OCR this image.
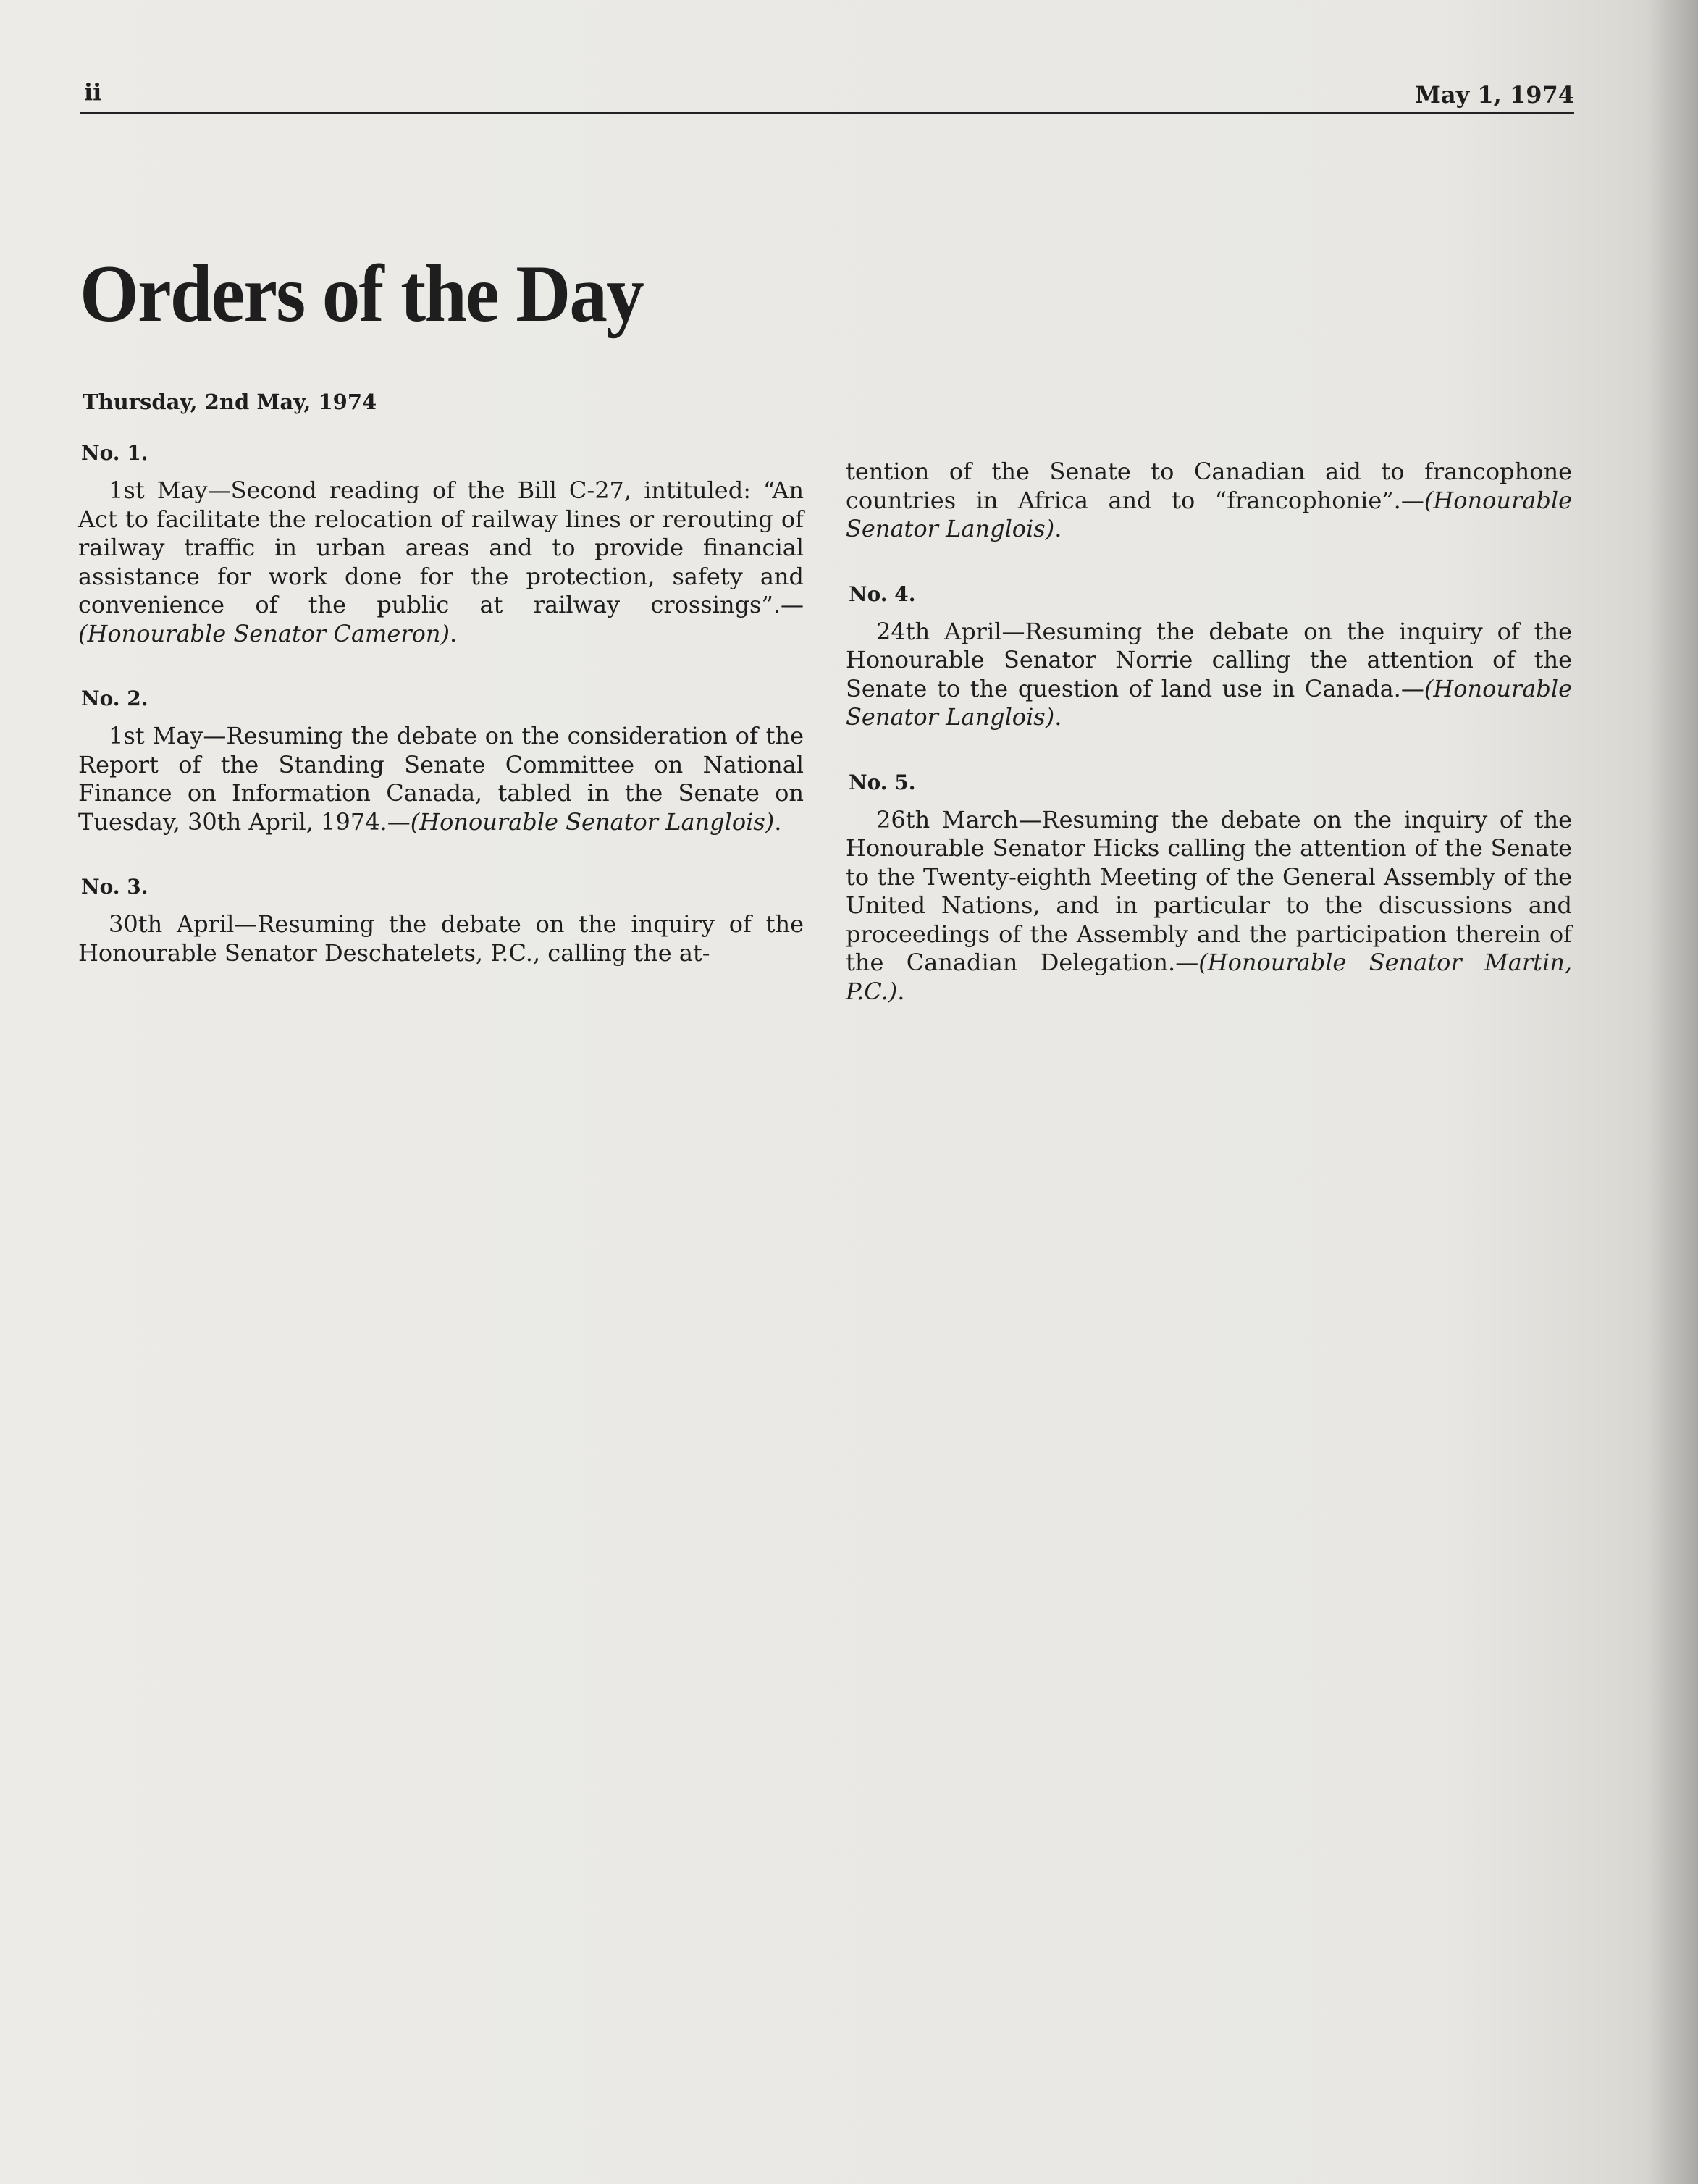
ii	May 1, 1974
Orders of the Day
Thursday, 2nd May, 1974
No. 1.

1st May—Second reading of the Bill C-27, intituled: “An Act to facilitate the relocation of railway lines or rerouting of railway traffic in urban areas and to provide financial assistance for work done for the protection, safety and convenience of the public at railway crossings”.—(Honourable Senator Cameron).

No. 2.

1st May—Resuming the debate on the consideration of the Report of the Standing Senate Committee on National Finance on Information Canada, tabled in the Senate on Tuesday, 30th April, 1974.—(Honourable Senator Langlois).

No. 3.

30th April—Resuming the debate on the inquiry of the Honourable Senator Deschatelets, P.C., calling the at-

tention of the Senate to Canadian aid to francophone countries in Africa and to “francophonie”.—(Honourable Senator Langlois).

No. 4.

24th April—Resuming the debate on the inquiry of the Honourable Senator Norrie calling the attention of the Senate to the question of land use in Canada.—(Honourable Senator Langlois).

No. 5.

26th March—Resuming the debate on the inquiry of the Honourable Senator Hicks calling the attention of the Senate to the Twenty-eighth Meeting of the General Assembly of the United Nations, and in particular to the discussions and proceedings of the Assembly and the participation therein of the Canadian Delegation.—(Honourable Senator Martin, P.C.).
